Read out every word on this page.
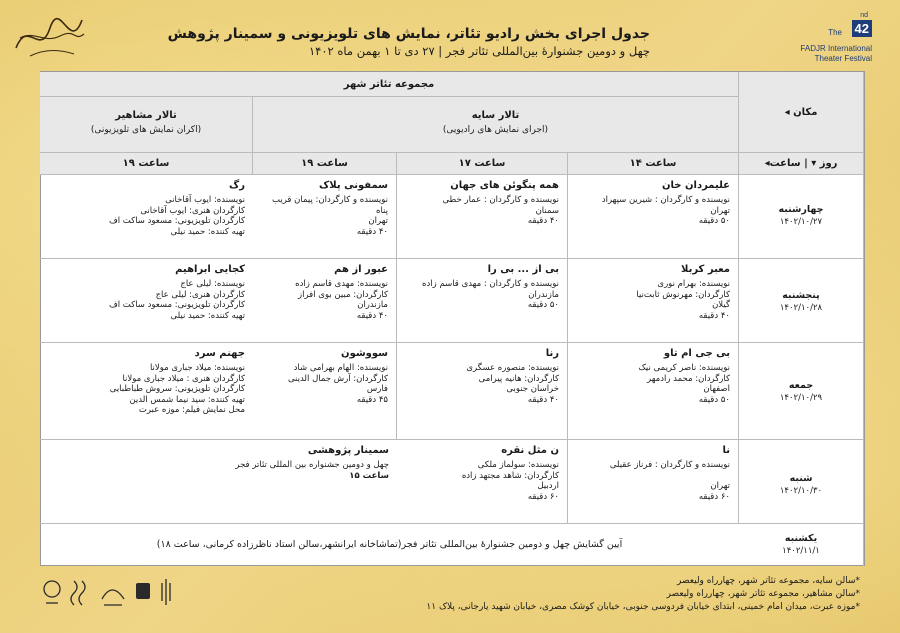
جدول اجرای بخش رادیو تئاتر، نمایش های تلویزیونی و سمینار پژوهش
چهل و دومین جشنوارهٔ بین‌المللی تئاتر فجر | ۲۷ دی تا ۱ بهمن ماه ۱۴۰۲
nd
42
The
FADJR International
Theater Festival
مکان ◂
روز ▾ | ساعت◂
مجموعه تئاتر شهر
تالار سایه
(اجرای نمایش های رادیویی)
تالار مشاهیر
(اکران نمایش های تلویزیونی)
ساعت ۱۴
ساعت ۱۷
ساعت ۱۹
ساعت ۱۹
چهارشنبه
۱۴۰۲/۱۰/۲۷
پنجشنبه
۱۴۰۲/۱۰/۲۸
جمعه
۱۴۰۲/۱۰/۲۹
شنبه
۱۴۰۲/۱۰/۳۰
یکشنبه
۱۴۰۲/۱۱/۱
علیمردان خان
نویسنده و کارگردان : شیرین سپهراد
تهران
۵۰ دقیقه
همه پنگوئن های جهان
نویسنده و کارگردان : عمار خطی
سمنان
۴۰ دقیقه
سمفونی پلاک
نویسنده و کارگردان: پیمان قریب
پناه
تهران
۴۰ دقیقه
رگ
نویسنده: ایوب آقاخانی
کارگردان هنری: ایوب آقاخانی
کارگردان تلویزیونی: مسعود ساکت اف
تهیه کننده: حمید نیلی
معبر کربلا
نویسنده: بهرام نوری
کارگردان: مهرنوش ثابت‌نیا
گیلان
۴۰ دقیقه
بی از ... بی را
نویسنده و کارگردان : مهدی قاسم زاده
مازندران
۵۰ دقیقه
عبور از هم
نویسنده: مهدی قاسم زاده
کارگردان: مبین بوی افراز
مازندران
۴۰ دقیقه
کجایی ابراهیم
نویسنده: لیلی عاج
کارگردان هنری: لیلی عاج
کارگردان تلویزیونی: مسعود ساکت اف
تهیه کننده: حمید نیلی
بی جی ام تاو
نویسنده: ناصر کریمی نیک
کارگردان: محمد رادمهر
اصفهان
۵۰ دقیقه
رنا
نویسنده: منصوره عسگری
کارگردان: هانیه پیرامی
خراسان جنوبی
۴۰ دقیقه
سووشون
نویسنده: الهام بهرامی شاد
کارگردان: آرش جمال الدینی
فارس
۴۵ دقیقه
جهنم سرد
نویسنده: میلاد جباری مولانا
کارگردان هنری : میلاد جباری مولانا
کارگردان تلویزیونی: سروش طباطبایی
تهیه کننده: سید نیما شمس الدین
محل نمایش فیلم: موزه عبرت
نا
نویسنده و کارگردان : فرناز عقیلی

تهران
۶۰ دقیقه
ن مثل نقره
نویسنده: سولماز ملکی
کارگردان: شاهد مجتهد زاده
اردبیل
۶۰ دقیقه
سمینار پژوهشی
چهل و دومین جشنواره بین المللی تئاتر فجر
ساعت ۱۵
آیین گشایش چهل و دومین جشنوارهٔ بین‌المللی تئاتر فجر(تماشاخانه ایرانشهر،سالن استاد ناظرزاده کرمانی، ساعت ۱۸)
*سالن سایه، مجموعه تئاتر شهر، چهارراه ولیعصر
*سالن مشاهیر، مجموعه تئاتر شهر، چهارراه ولیعصر
*موزه عبرت، میدان امام خمینی، ابتدای خیابان فردوسی جنوبی، خیابان کوشک مصری، خیابان شهید یارجانی، پلاک ۱۱
